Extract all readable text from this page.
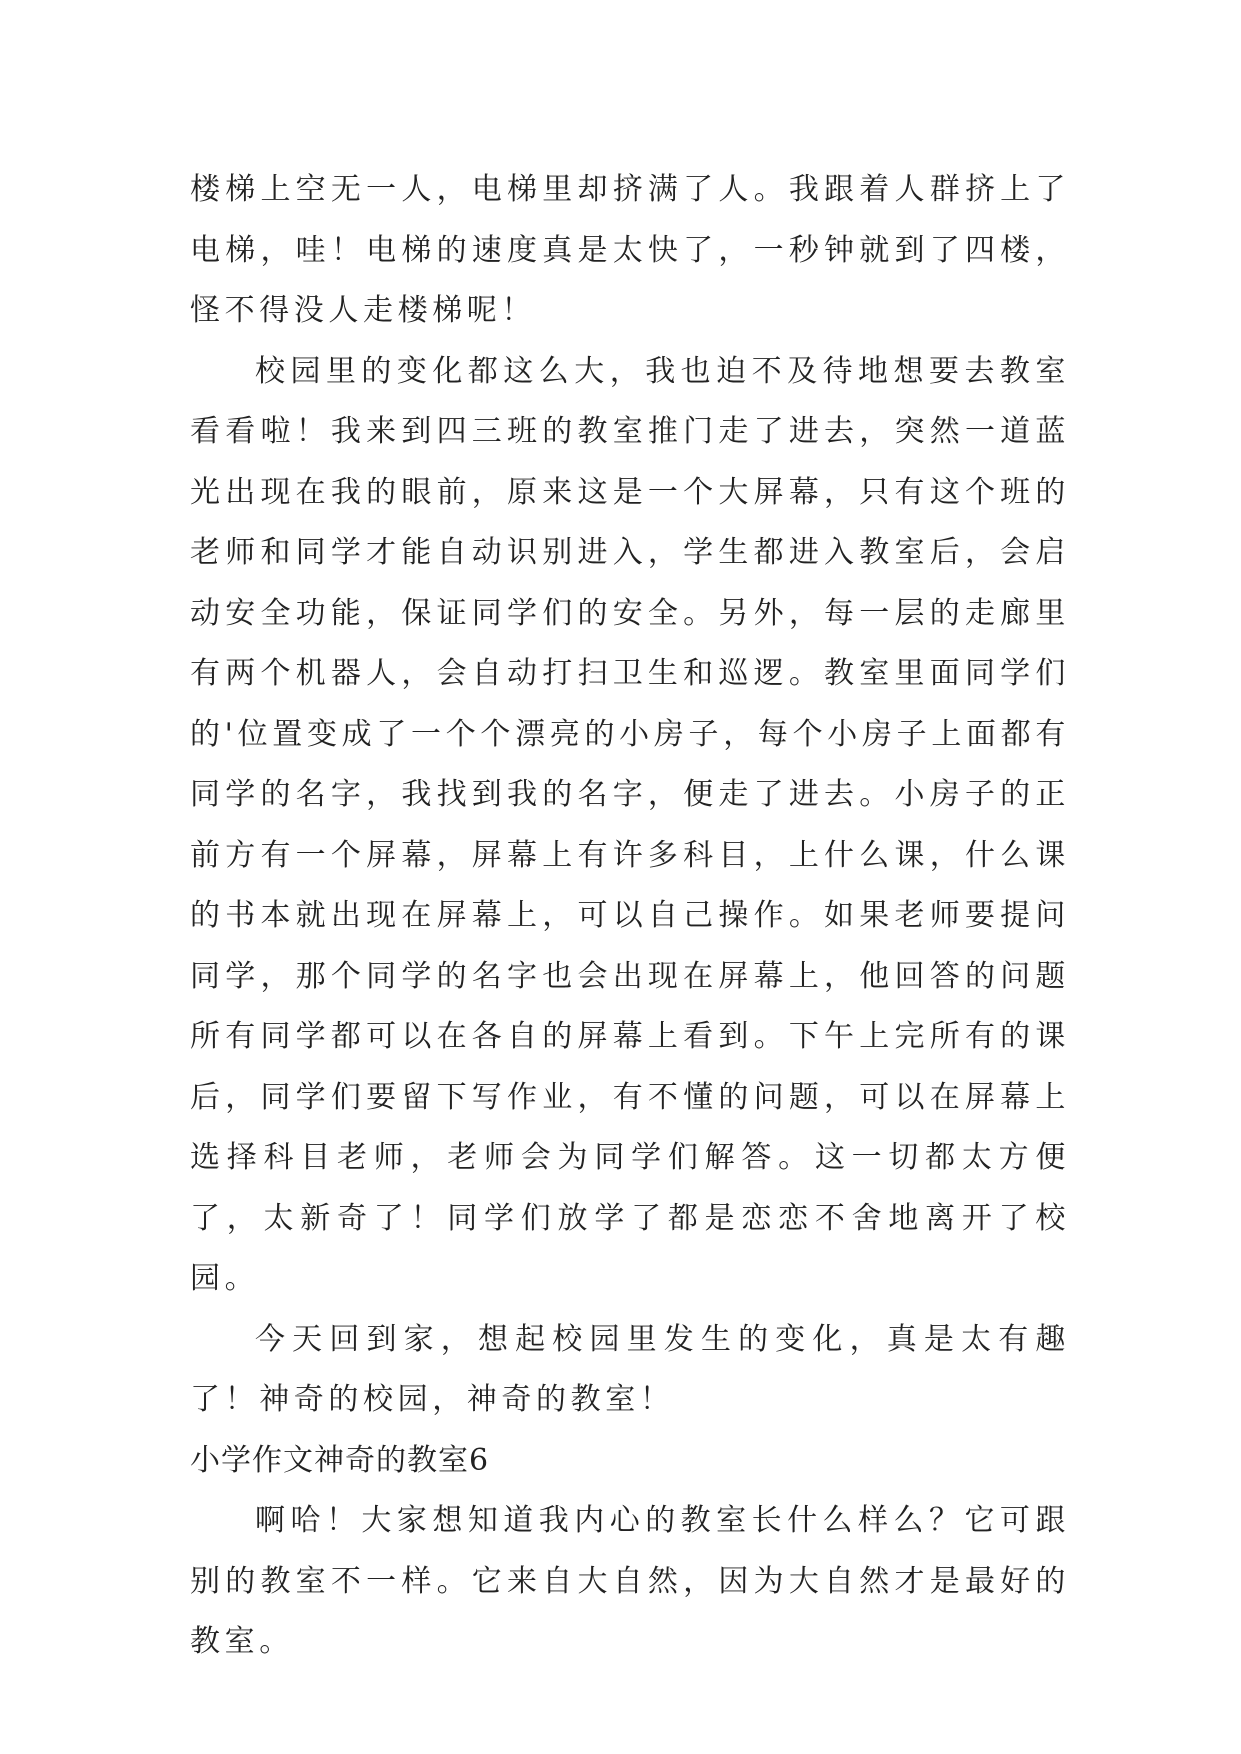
楼梯上空无一人，电梯里却挤满了人。我跟着人群挤上了电梯，哇！电梯的速度真是太快了，一秒钟就到了四楼，怪不得没人走楼梯呢！

校园里的变化都这么大，我也迫不及待地想要去教室看看啦！我来到四三班的教室推门走了进去，突然一道蓝光出现在我的眼前，原来这是一个大屏幕，只有这个班的老师和同学才能自动识别进入，学生都进入教室后，会启动安全功能，保证同学们的安全。另外，每一层的走廊里有两个机器人，会自动打扫卫生和巡逻。教室里面同学们的'位置变成了一个个漂亮的小房子，每个小房子上面都有同学的名字，我找到我的名字，便走了进去。小房子的正前方有一个屏幕，屏幕上有许多科目，上什么课，什么课的书本就出现在屏幕上，可以自己操作。如果老师要提问同学，那个同学的名字也会出现在屏幕上，他回答的问题所有同学都可以在各自的屏幕上看到。下午上完所有的课后，同学们要留下写作业，有不懂的问题，可以在屏幕上选择科目老师，老师会为同学们解答。这一切都太方便了，太新奇了！同学们放学了都是恋恋不舍地离开了校园。

今天回到家，想起校园里发生的变化，真是太有趣了！神奇的校园，神奇的教室！

小学作文神奇的教室6

啊哈！大家想知道我内心的教室长什么样么？它可跟别的教室不一样。它来自大自然，因为大自然才是最好的教室。
